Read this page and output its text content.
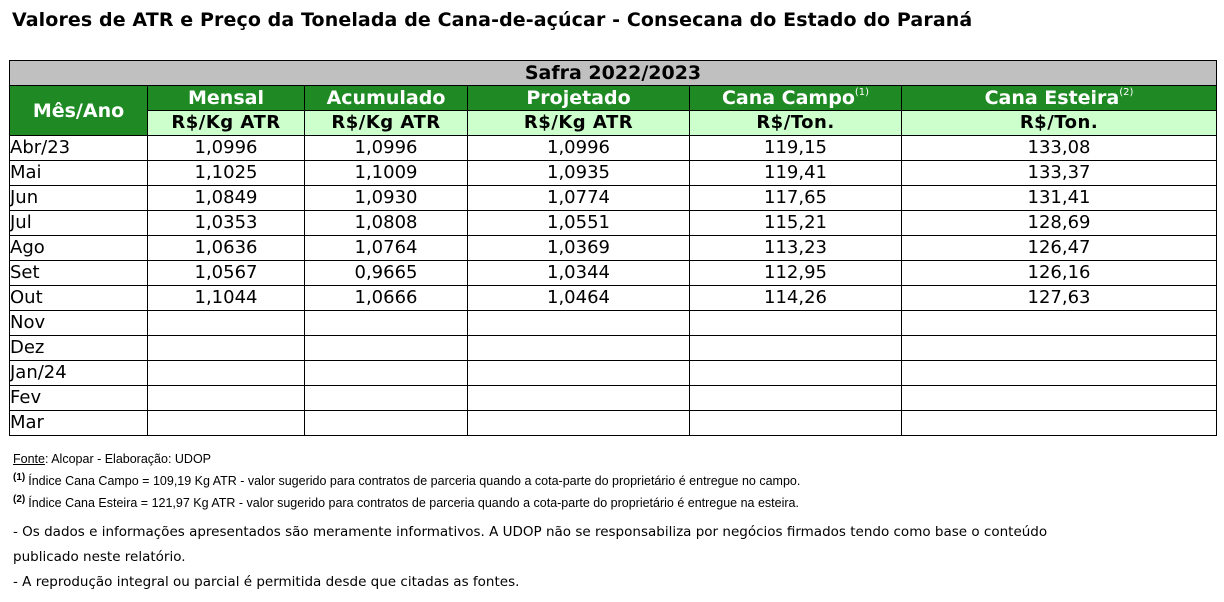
Valores de ATR e Preço da Tonelada de Cana-de-açúcar - Consecana do Estado do Paraná
Safra 2022/2023					
Mês/Ano	Mensal	Acumulado	Projetado	Cana Campo$^{(1)}$	Cana Esteira$^{(2)}$
	R$/Kg ATR	R$/Kg ATR	R$/Kg ATR	R$/Ton.	R$/Ton.
Abr/23	1,0996	1,0996	1,0996	119,15	133,08
Mai	1,1025	1,1009	1,0935	119,41	133,37
Jun	1,0849	1,0930	1,0774	117,65	131,41
Jul	1,0353	1,0808	1,0551	115,21	128,69
Ago	1,0636	1,0764	1,0369	113,23	126,47
Set	1,0567	0,9665	1,0344	112,95	126,16
Out	1,1044	1,0666	1,0464	114,26	127,63
Nov					
Dez					
Jan/24					
Fev					
Mar					
Fonte: Alcopar - Elaboração: UDOP
$^{(1)}$ Índice Cana Campo = 109,19 Kg ATR - valor sugerido para contratos de parceria quando a cota-parte do proprietário é entregue no campo.
$^{(2)}$ Índice Cana Esteira = 121,97 Kg ATR - valor sugerido para contratos de parceria quando a cota-parte do proprietário é entregue na esteira.
- Os dados e informações apresentados são meramente informativos. A UDOP não se responsabiliza por negócios firmados tendo como base o conteúdo
publicado neste relatório.
- A reprodução integral ou parcial é permitida desde que citadas as fontes.
